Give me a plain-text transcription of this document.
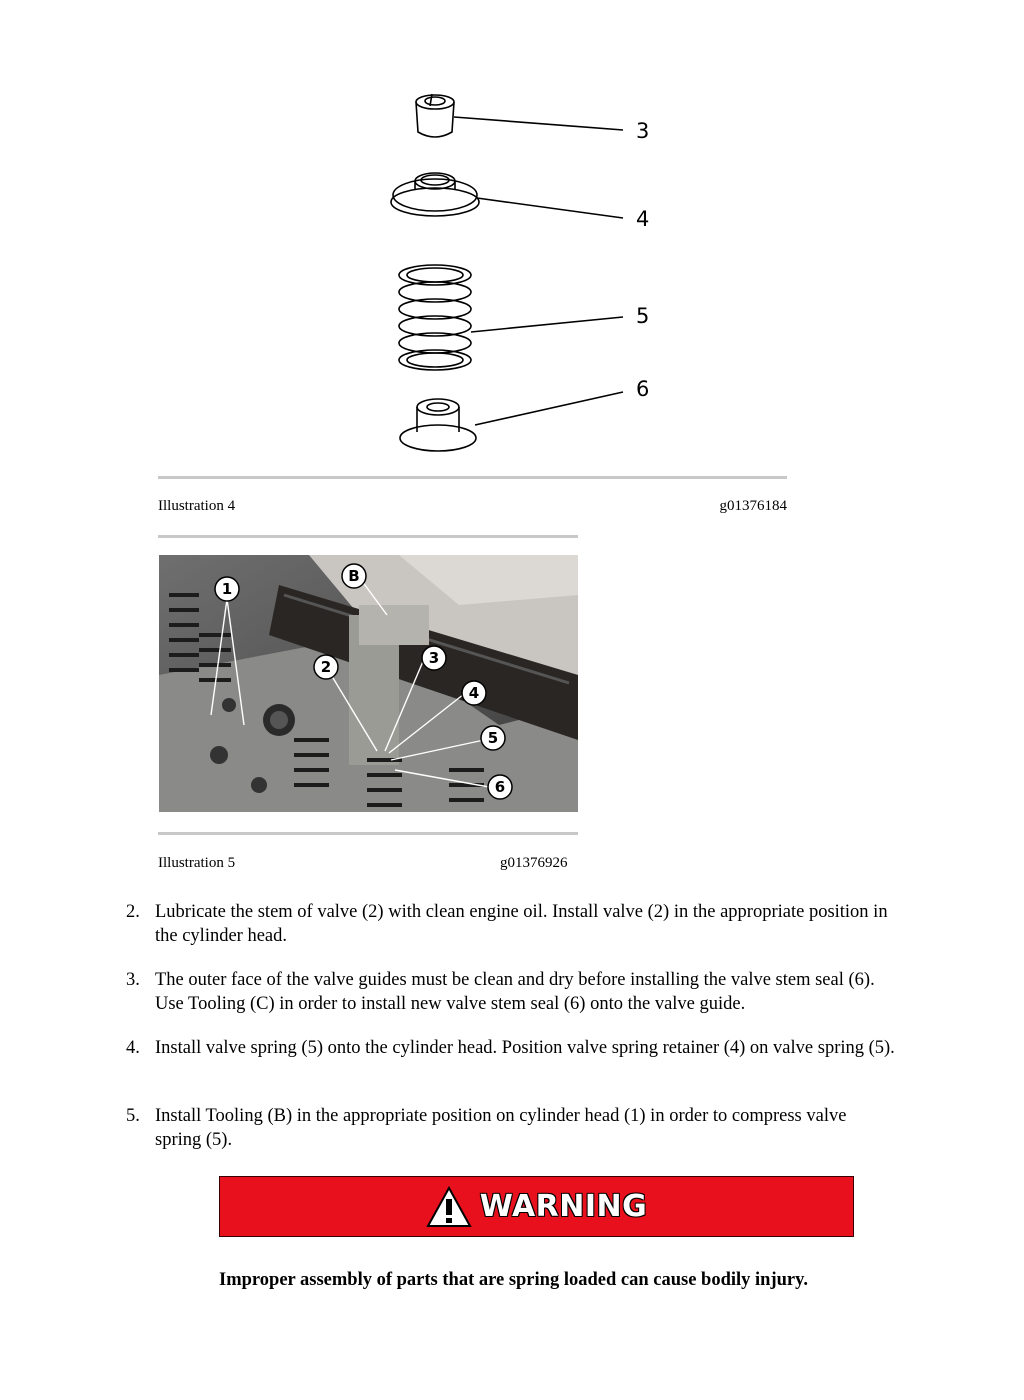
3
4
5
6
Illustration 4	g01376184
1
B
2	3
4
5
6
Illustration 5	g01376926
2. Lubricate the stem of valve (2) with clean engine oil. Install valve (2) in the appropriate position in the cylinder head.
3. The outer face of the valve guides must be clean and dry before installing the valve stem seal (6). Use Tooling (C) in order to install new valve stem seal (6) onto the valve guide.
4. Install valve spring (5) onto the cylinder head. Position valve spring retainer (4) on valve spring (5).
5. Install Tooling (B) in the appropriate position on cylinder head (1) in order to compress valve spring (5).
WARNING
Improper assembly of parts that are spring loaded can cause bodily injury.
